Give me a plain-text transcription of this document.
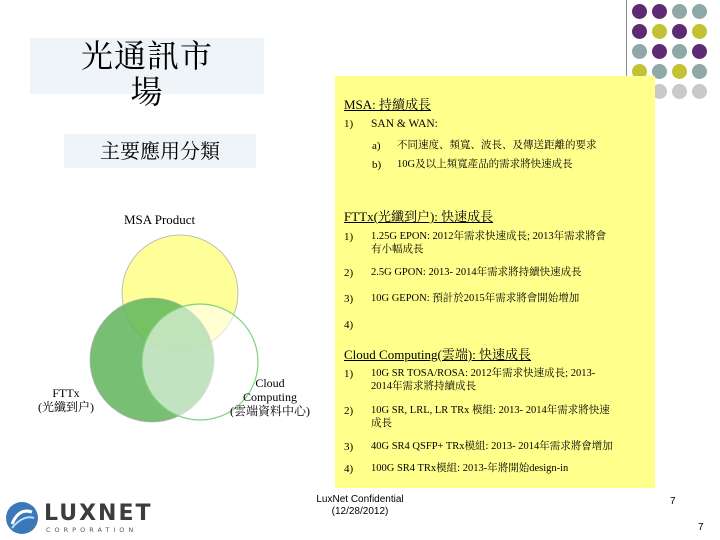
光通訊市
場
主要應用分類
MSA Product
FTTx
(光纖到户)
Cloud
Computing
(雲端資料中心)
MSA: 持續成長
1) SAN & WAN:
a) 不同速度、頻寬、波長、及傳送距離的要求
b) 10G及以上頻寬產品的需求將快速成長
FTTx(光纖到户): 快速成長
1) 1.25G EPON: 2012年需求快速成長; 2013年需求將會
有小幅成長
2) 2.5G GPON: 2013- 2014年需求將持續快速成長
3) 10G GEPON: 預計於2015年需求將會開始增加
4)
Cloud Computing(雲端): 快速成長
1) 10G SR TOSA/ROSA: 2012年需求快速成長; 2013-
2014年需求將持續成長
2) 10G SR, LRL, LR TRx 模組: 2013- 2014年需求將快速
成長
3) 40G SR4 QSFP+ TRx模組: 2013- 2014年需求將會增加
4) 100G SR4 TRx模組: 2013-年將開始design-in
LUXNET
CORPORATION
LuxNet Confidential
(12/28/2012)
7
7
